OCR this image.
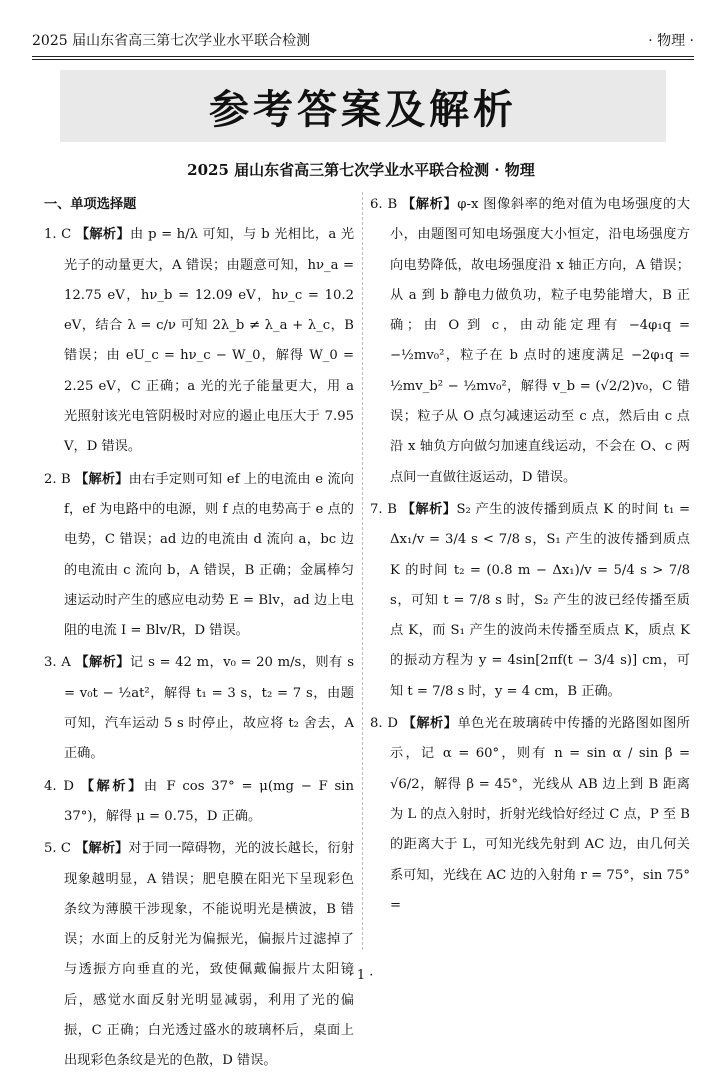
2025 届山东省高三第七次学业水平联合检测	· 物理 ·
参考答案及解析
2025 届山东省高三第七次学业水平联合检测 · 物理

一、单项选择题

1. C 【解析】由 p = h/λ 可知，与 b 光相比，a 光光子的动量更大，A 错误；由题意可知，hν_a = 12.75 eV，hν_b = 12.09 eV，hν_c = 10.2 eV，结合 λ = c/ν 可知 2λ_b ≠ λ_a + λ_c，B 错误；由 eU_c = hν_c − W_0，解得 W_0 = 2.25 eV，C 正确；a 光的光子能量更大，用 a 光照射该光电管阴极时对应的遏止电压大于 7.95 V，D 错误。

2. B 【解析】由右手定则可知 ef 上的电流由 e 流向 f，ef 为电路中的电源，则 f 点的电势高于 e 点的电势，C 错误；ad 边的电流由 d 流向 a，bc 边的电流由 c 流向 b，A 错误，B 正确；金属棒匀速运动时产生的感应电动势 E = Blv，ad 边上电阻的电流 I = Blv/R，D 错误。

3. A 【解析】记 s = 42 m，v₀ = 20 m/s，则有 s = v₀t − ½at²，解得 t₁ = 3 s，t₂ = 7 s，由题可知，汽车运动 5 s 时停止，故应将 t₂ 舍去，A 正确。

4. D 【解析】由 F cos 37° = μ(mg − F sin 37°)，解得 μ = 0.75，D 正确。

5. C 【解析】对于同一障碍物，光的波长越长，衍射现象越明显，A 错误；肥皂膜在阳光下呈现彩色条纹为薄膜干涉现象，不能说明光是横波，B 错误；水面上的反射光为偏振光，偏振片过滤掉了与透振方向垂直的光，致使佩戴偏振片太阳镜后，感觉水面反射光明显减弱，利用了光的偏振，C 正确；白光透过盛水的玻璃杯后，桌面上出现彩色条纹是光的色散，D 错误。

6. B 【解析】φ-x 图像斜率的绝对值为电场强度的大小，由题图可知电场强度大小恒定，沿电场强度方向电势降低，故电场强度沿 x 轴正方向，A 错误；从 a 到 b 静电力做负功，粒子电势能增大，B 正确；由 O 到 c，由动能定理有 −4φ₁q = −½mv₀²，粒子在 b 点时的速度满足 −2φ₁q = ½mv_b² − ½mv₀²，解得 v_b = (√2/2)v₀，C 错误；粒子从 O 点匀减速运动至 c 点，然后由 c 点沿 x 轴负方向做匀加速直线运动，不会在 O、c 两点间一直做往返运动，D 错误。

7. B 【解析】S₂ 产生的波传播到质点 K 的时间 t₁ = Δx₁/v = 3/4 s < 7/8 s，S₁ 产生的波传播到质点 K 的时间 t₂ = (0.8 m − Δx₁)/v = 5/4 s > 7/8 s，可知 t = 7/8 s 时，S₂ 产生的波已经传播至质点 K，而 S₁ 产生的波尚未传播至质点 K，质点 K 的振动方程为 y = 4sin[2πf(t − 3/4 s)] cm，可知 t = 7/8 s 时，y = 4 cm，B 正确。

8. D 【解析】单色光在玻璃砖中传播的光路图如图所示，记 α = 60°，则有 n = sin α / sin β = √6/2，解得 β = 45°，光线从 AB 边上到 B 距离为 L 的点入射时，折射光线恰好经过 C 点，P 至 B 的距离大于 L，可知光线先射到 AC 边，由几何关系可知，光线在 AC 边的入射角 r = 75°，sin 75° =

· 1 ·
